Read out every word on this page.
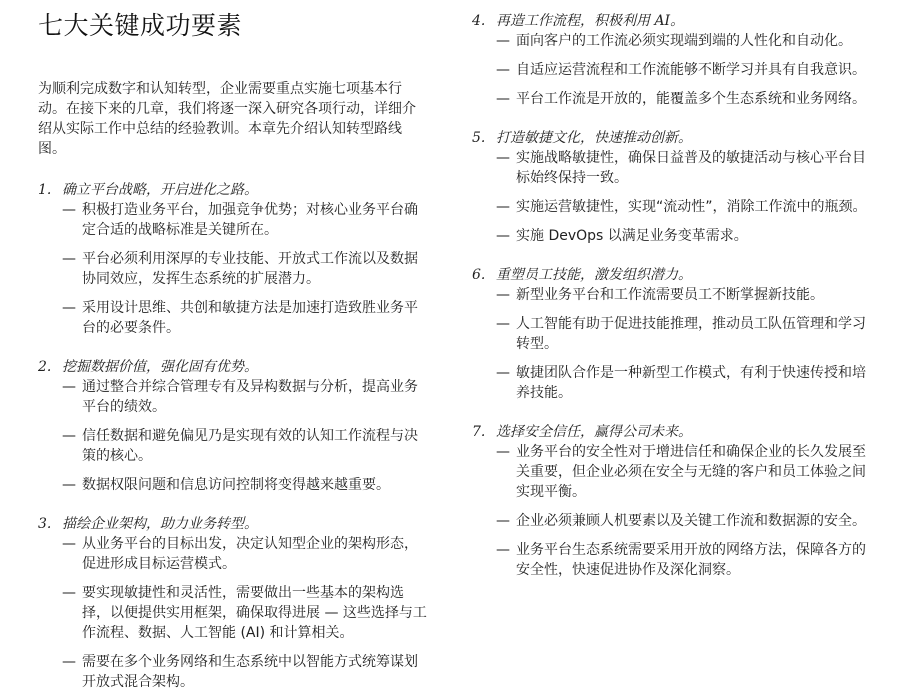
七大关键成功要素

为顺利完成数字和认知转型，企业需要重点实施七项基本行动。在接下来的几章，我们将逐一深入研究各项行动，详细介绍从实际工作中总结的经验教训。本章先介绍认知转型路线图。

1. 确立平台战略，开启进化之路。
— 积极打造业务平台，加强竞争优势；对核心业务平台确定合适的战略标准是关键所在。
— 平台必须利用深厚的专业技能、开放式工作流以及数据协同效应，发挥生态系统的扩展潜力。
— 采用设计思维、共创和敏捷方法是加速打造致胜业务平台的必要条件。
2. 挖掘数据价值，强化固有优势。
— 通过整合并综合管理专有及异构数据与分析，提高业务平台的绩效。
— 信任数据和避免偏见乃是实现有效的认知工作流程与决策的核心。
— 数据权限问题和信息访问控制将变得越来越重要。
3. 描绘企业架构，助力业务转型。
— 从业务平台的目标出发，决定认知型企业的架构形态，促进形成目标运营模式。
— 要实现敏捷性和灵活性，需要做出一些基本的架构选择，以便提供实用框架，确保取得进展 — 这些选择与工作流程、数据、人工智能 (AI) 和计算相关。
— 需要在多个业务网络和生态系统中以智能方式统筹谋划开放式混合架构。
4. 再造工作流程，积极利用 AI。
— 面向客户的工作流必须实现端到端的人性化和自动化。
— 自适应运营流程和工作流能够不断学习并具有自我意识。
— 平台工作流是开放的，能覆盖多个生态系统和业务网络。
5. 打造敏捷文化，快速推动创新。
— 实施战略敏捷性，确保日益普及的敏捷活动与核心平台目标始终保持一致。
— 实施运营敏捷性，实现“流动性”，消除工作流中的瓶颈。
— 实施 DevOps 以满足业务变革需求。
6. 重塑员工技能，激发组织潜力。
— 新型业务平台和工作流需要员工不断掌握新技能。
— 人工智能有助于促进技能推理，推动员工队伍管理和学习转型。
— 敏捷团队合作是一种新型工作模式，有利于快速传授和培养技能。
7. 选择安全信任，赢得公司未来。
— 业务平台的安全性对于增进信任和确保企业的长久发展至关重要，但企业必须在安全与无缝的客户和员工体验之间实现平衡。
— 企业必须兼顾人机要素以及关键工作流和数据源的安全。
— 业务平台生态系统需要采用开放的网络方法，保障各方的安全性，快速促进协作及深化洞察。
